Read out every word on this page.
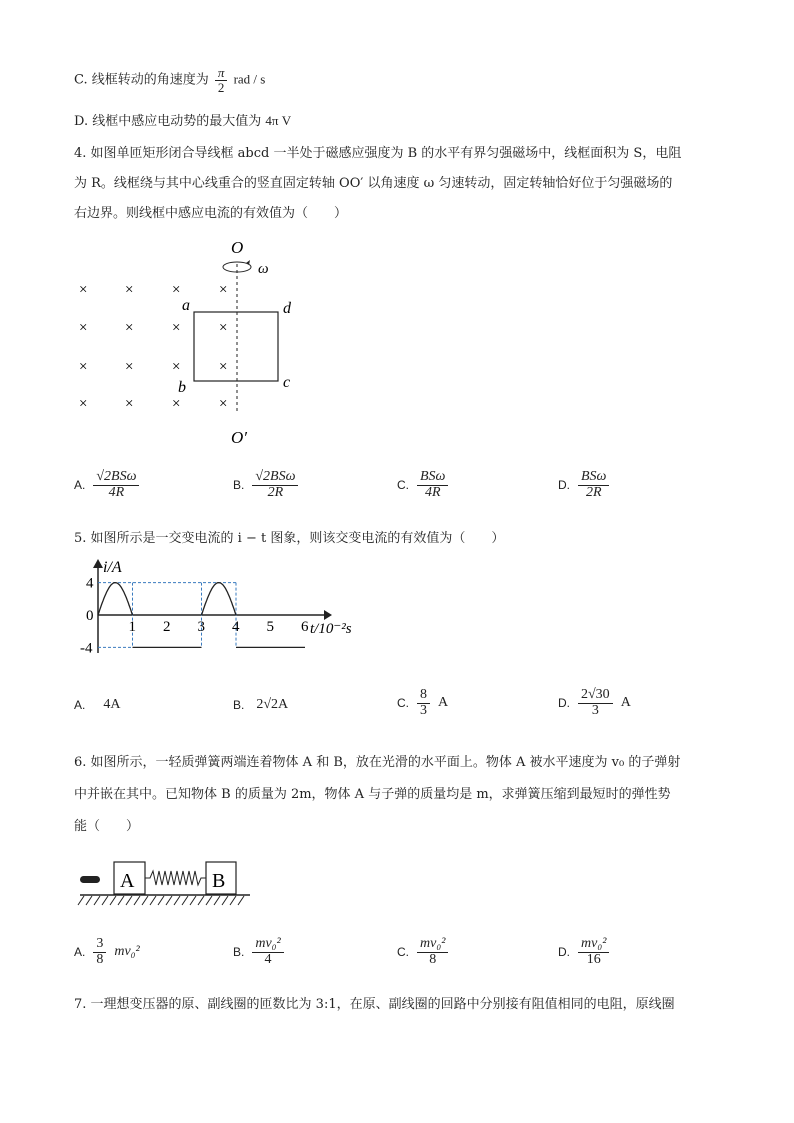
C. 线框转动的角速度为 $\frac{\pi}{2}$ rad / s
D. 线框中感应电动势的最大值为 4π V
4. 如图单匝矩形闭合导线框 abcd 一半处于磁感应强度为 B 的水平有界匀强磁场中，线框面积为 S，电阻
为 R。线框绕与其中心线重合的竖直固定转轴 OO′ 以角速度 ω 匀速转动，固定转轴恰好位于匀强磁场的
右边界。则线框中感应电流的有效值为（　　）
O
ω
O′
a	d
b	c
×	×	×	×
×	×	×	×
×	×	×	×
×	×	×	×
A. $\frac{\text{√2BSω}}{4R}$	B. $\frac{\text{√2BSω}}{2R}$	C. $\frac{\text{BSω}}{4R}$	D. $\frac{\text{BSω}}{2R}$
5. 如图所示是一交变电流的 i − t 图象，则该交变电流的有效值为（　　）
1 2 3 4 5 6
4
0
-4
i/A
t/10⁻²s
A. 4A	B. 2√2A	C. $\frac{8}{3}$ A	D. $\frac{2√30}{3}$ A
6. 如图所示，一轻质弹簧两端连着物体 A 和 B，放在光滑的水平面上。物体 A 被水平速度为 v₀ 的子弹射
中并嵌在其中。已知物体 B 的质量为 2m，物体 A 与子弹的质量均是 m，求弹簧压缩到最短时的弹性势
能（　　）
A	B
A. $\frac{3}{8} mv_0^2$	B. $\frac{\text{mv₀²}}{4}$	C. $\frac{\text{mv₀²}}{8}$	D. $\frac{\text{mv₀²}}{16}$
7. 一理想变压器的原、副线圈的匝数比为 3:1，在原、副线圈的回路中分别接有阻值相同的电阻，原线圈
